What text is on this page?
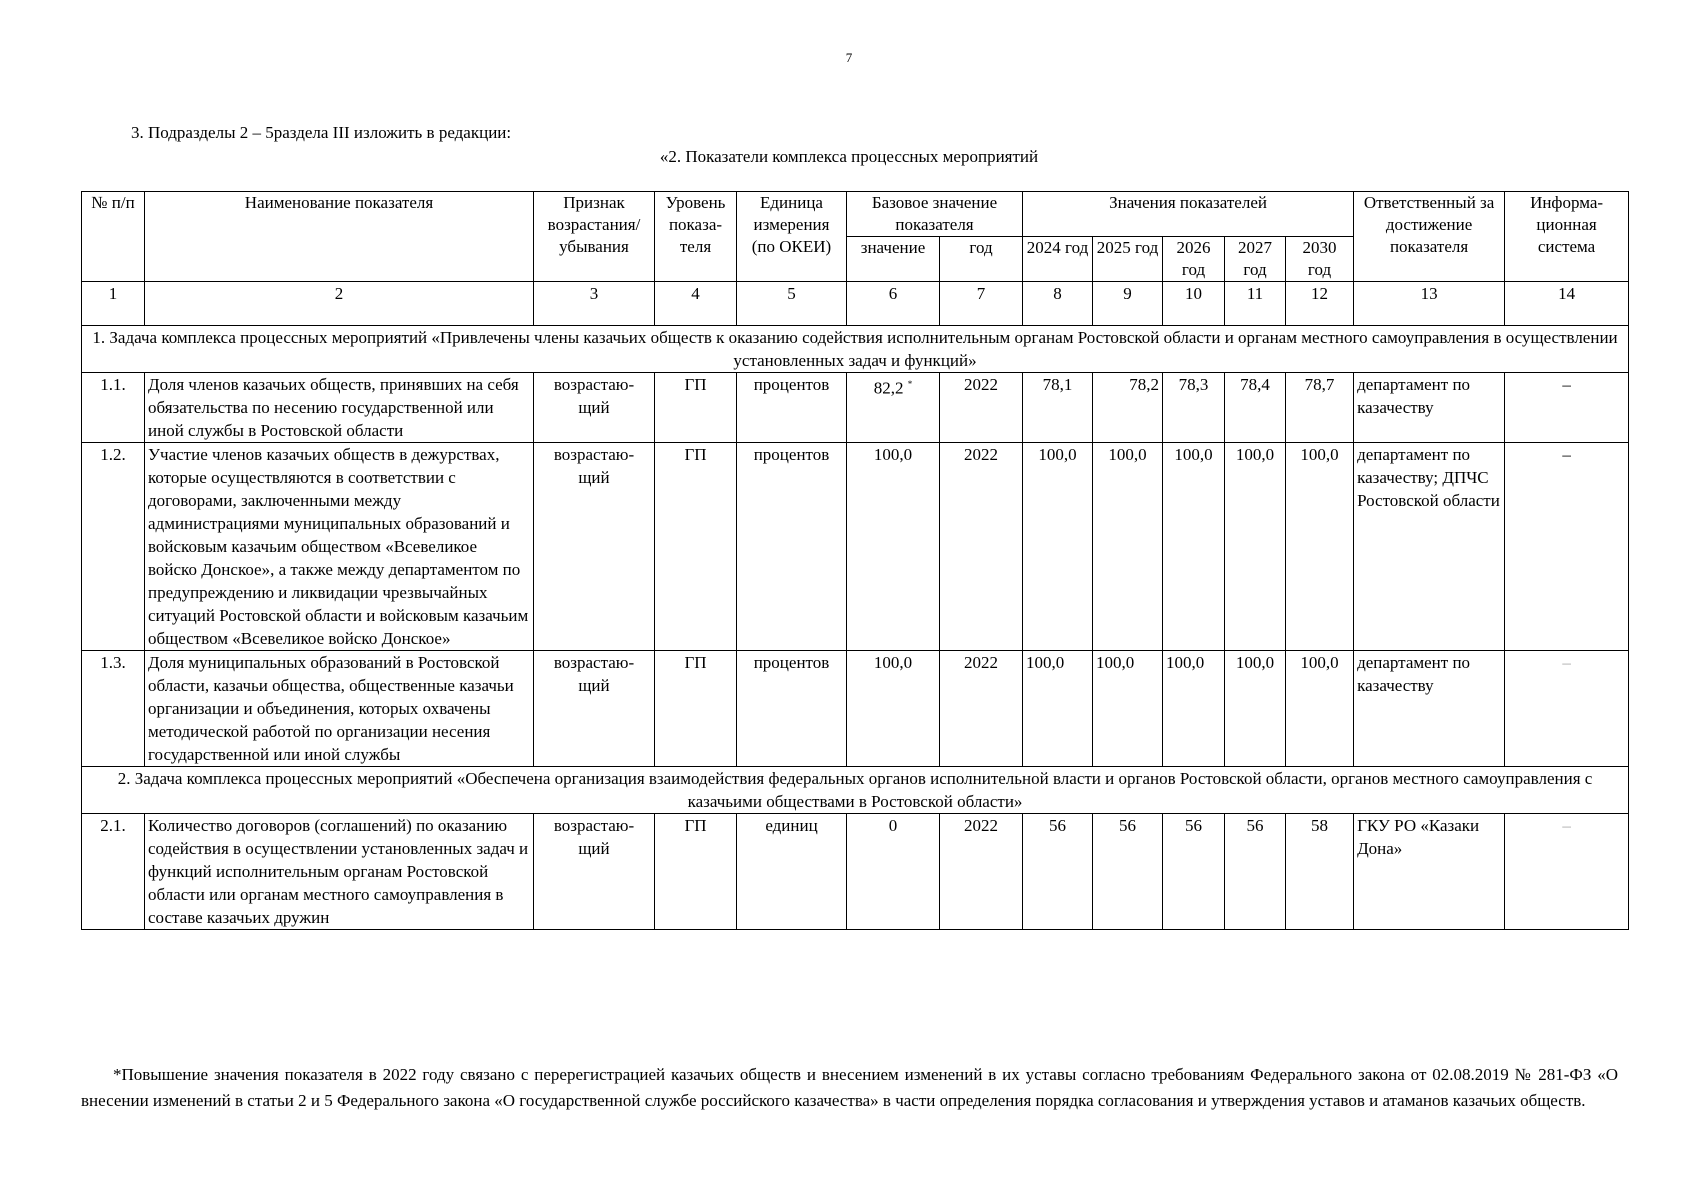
7
3. Подразделы 2 – 5раздела III изложить в редакции:
«2. Показатели комплекса процессных мероприятий
№ п/п	Наименование показателя	Признак возрастания/ убывания	Уровень показа- теля	Единица измерения (по ОКЕИ)	Базовое значение показателя		Значения показателей					Ответственный за достижение показателя	Информа- ционная система
					значение	год	2024 год	2025 год	2026 год	2027 год	2030 год		
1	2	3	4	5	6	7	8	9	10	11	12	13	14
1. Задача комплекса процессных мероприятий «Привлечены члены казачьих обществ к оказанию содействия исполнительным органам Ростовской области и органам местного самоуправления в осуществлении установленных задач и функций»													
1.1.	Доля членов казачьих обществ, принявших на себя обязательства по несению государственной или иной службы в Ростовской области	возрастаю- щий	ГП	процентов	82,2 *	2022	78,1	78,2	78,3	78,4	78,7	департамент по казачеству	–
1.2.	Участие членов казачьих обществ в дежурствах, которые осуществляются в соответствии с договорами, заключенными между администрациями муниципальных образований и войсковым казачьим обществом «Всевеликое войско Донское», а также между департаментом по предупреждению и ликвидации чрезвычайных ситуаций Ростовской области и войсковым казачьим обществом «Всевеликое войско Донское»	возрастаю- щий	ГП	процентов	100,0	2022	100,0	100,0	100,0	100,0	100,0	департамент по казачеству; ДПЧС Ростовской области	–
1.3.	Доля муниципальных образований в Ростовской области, казачьи общества, общественные казачьи организации и объединения, которых охвачены методической работой по организации несения государственной или иной службы	возрастаю- щий	ГП	процентов	100,0	2022	100,0	100,0	100,0	100,0	100,0	департамент по казачеству	–
2. Задача комплекса процессных мероприятий «Обеспечена организация взаимодействия федеральных органов исполнительной власти и органов Ростовской области, органов местного самоуправления с казачьими обществами в Ростовской области»													
2.1.	Количество договоров (соглашений) по оказанию содействия в осуществлении установленных задач и функций исполнительным органам Ростовской области или органам местного самоуправления в составе казачьих дружин	возрастаю- щий	ГП	единиц	0	2022	56	56	56	56	58	ГКУ РО «Казаки Дона»	–
*Повышение значения показателя в 2022 году связано с перерегистрацией казачьих обществ и внесением изменений в их уставы согласно требованиям Федерального закона от 02.08.2019 № 281-ФЗ «О внесении изменений в статьи 2 и 5 Федерального закона «О государственной службе российского казачества» в части определения порядка согласования и утверждения уставов и атаманов казачьих обществ.
